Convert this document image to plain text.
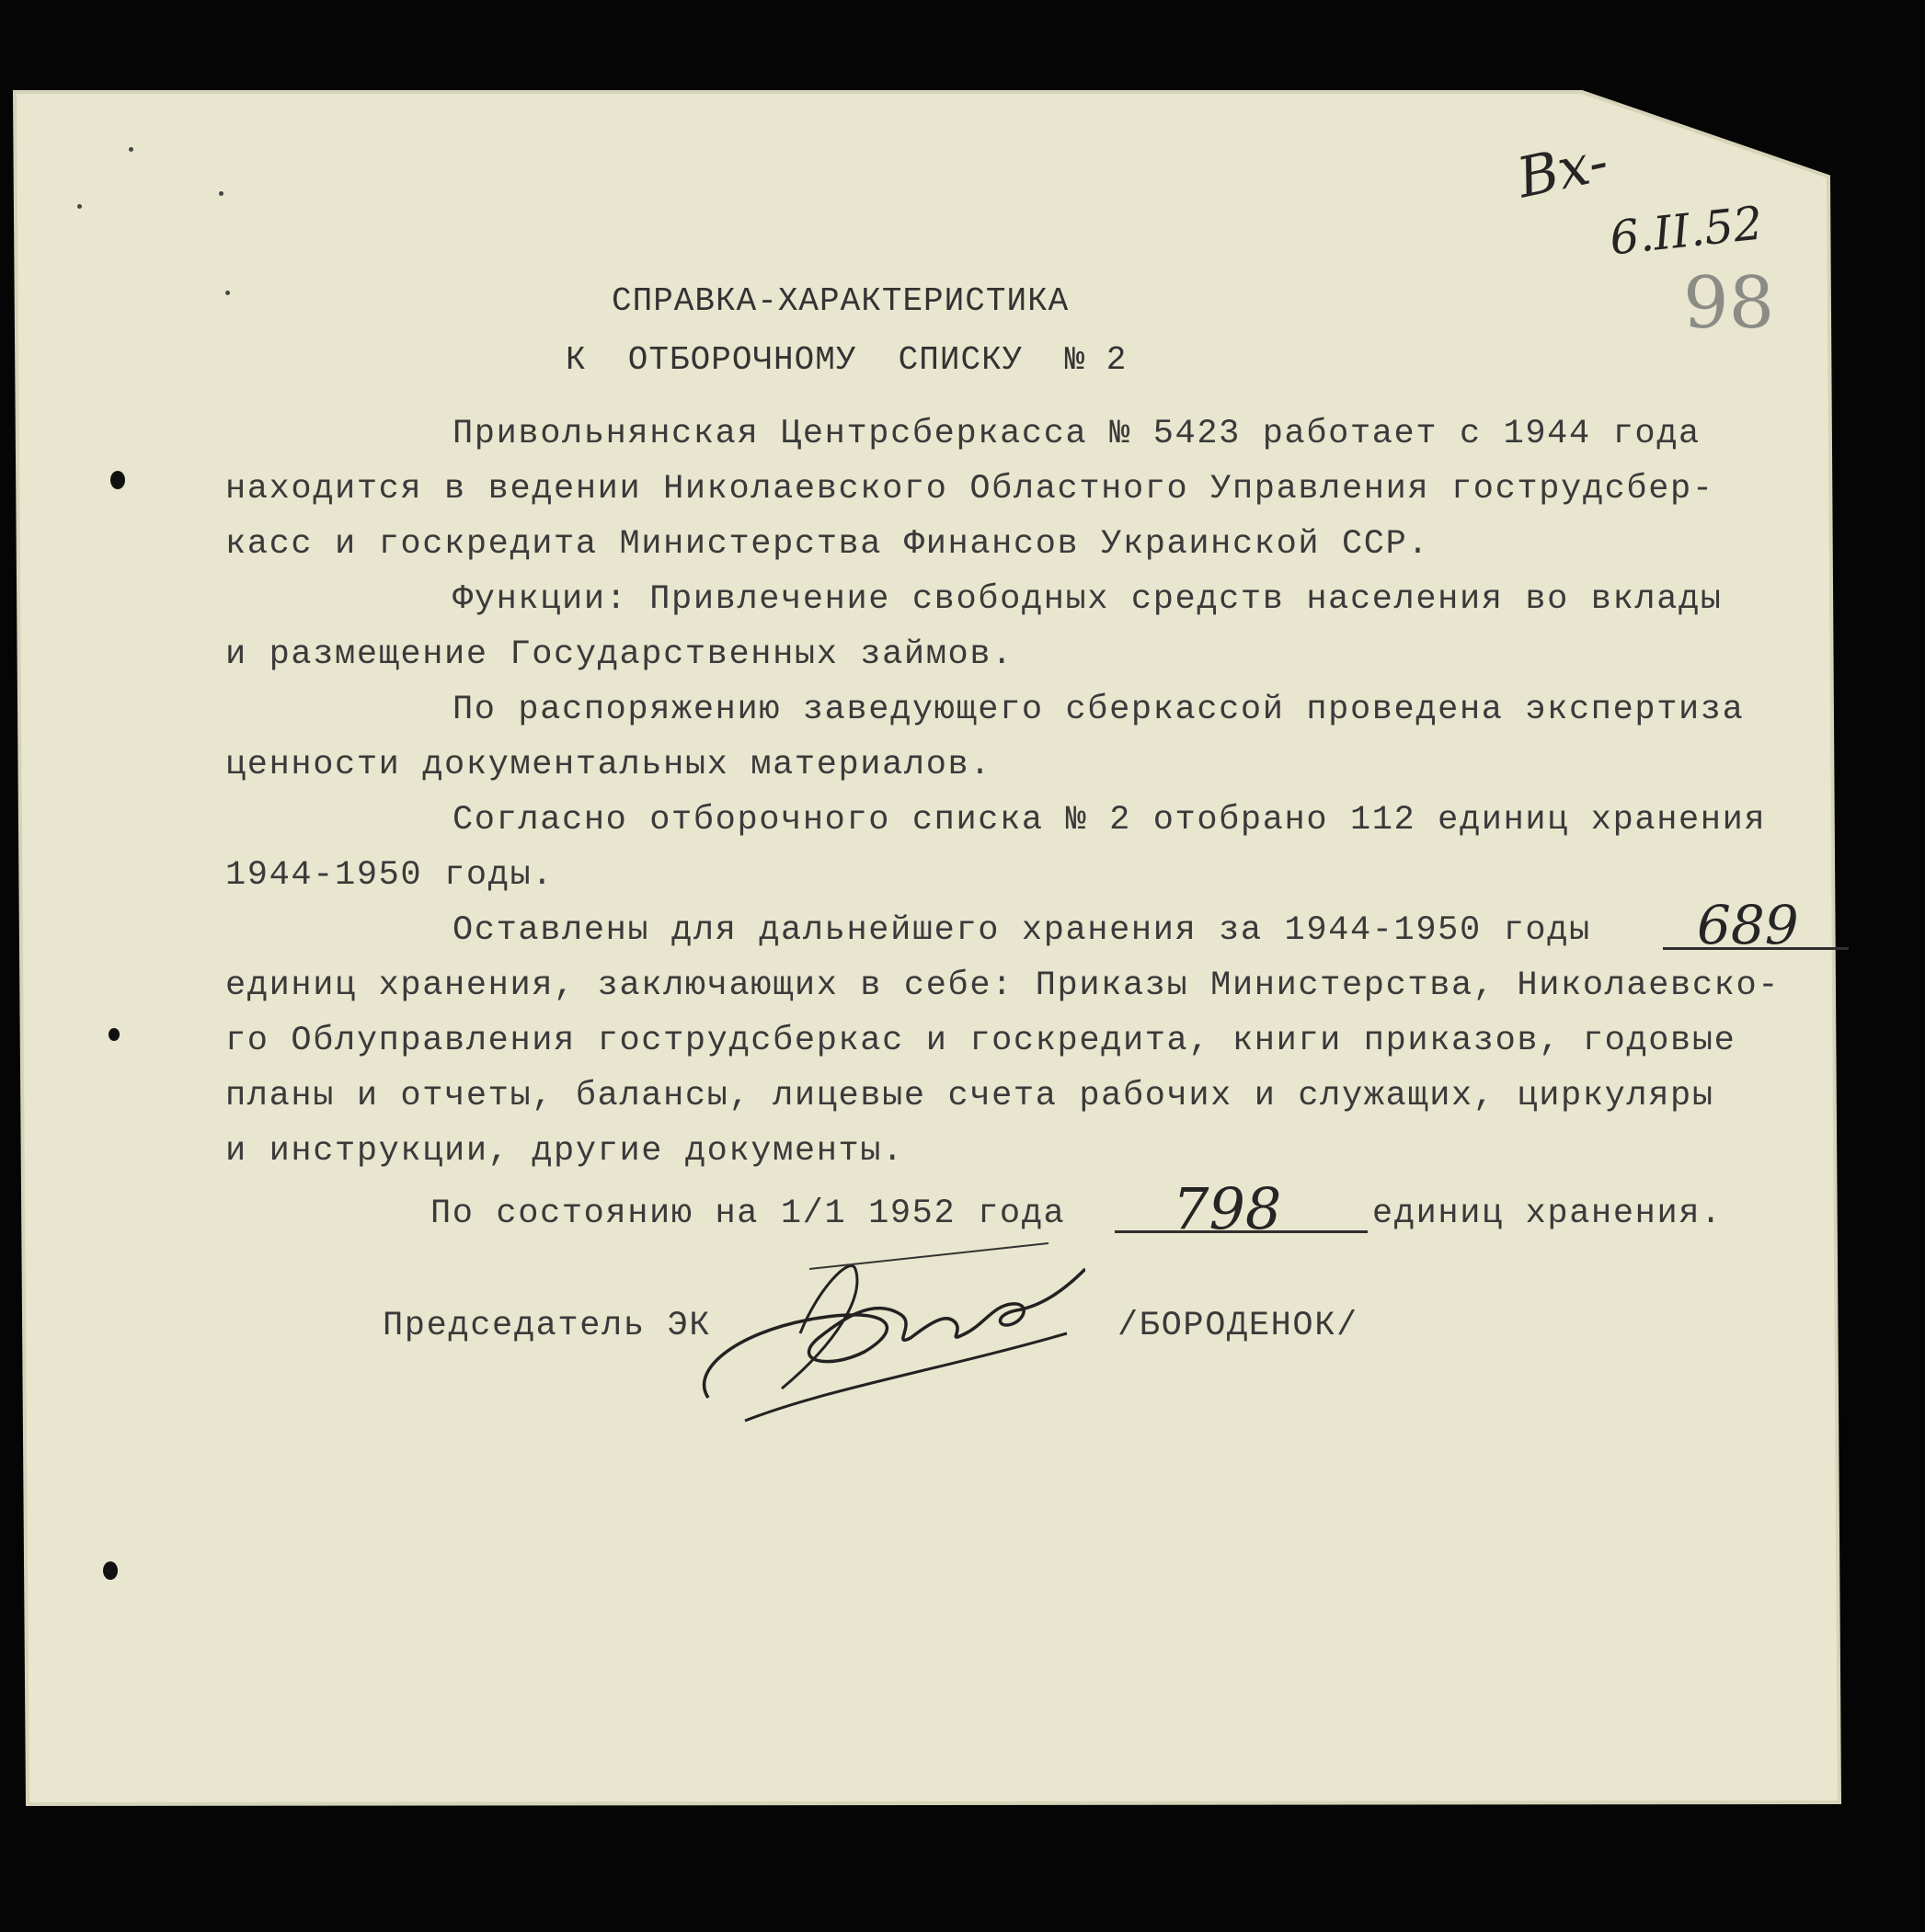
Вх-
6.II.52
98
СПРАВКА-ХАРАКТЕРИСТИКА
К  ОТБОРОЧНОМУ  СПИСКУ  № 2
Привольнянская Центрсберкасса № 5423 работает с 1944 года
находится в ведении Николаевского Областного Управления гострудсбер-
касс и госкредита Министерства Финансов Украинской ССР.
Функции: Привлечение свободных средств населения во вклады
и размещение Государственных займов.
По распоряжению заведующего сберкассой проведена экспертиза
ценности документальных материалов.
Согласно отборочного списка № 2 отобрано 112 единиц хранения
1944-1950 годы.
Оставлены для дальнейшего хранения за 1944-1950 годы 689
единиц хранения, заключающих в себе: Приказы Министерства, Николаевско-
го Облуправления гострудсберкас и госкредита, книги приказов, годовые
планы и отчеты, балансы, лицевые счета рабочих и служащих, циркуляры
и инструкции, другие документы.
По состоянию на 1/1 1952 года 798	единиц хранения.
Председатель ЭК	/БОРОДЕНОК/
